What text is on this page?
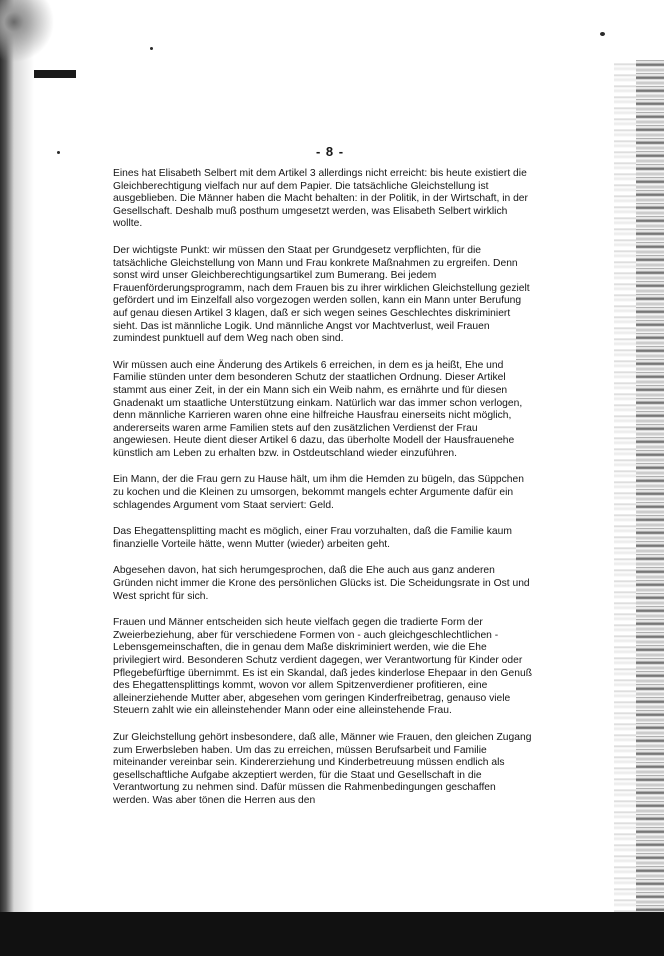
- 8 -

Eines hat Elisabeth Selbert mit dem Artikel 3 allerdings nicht erreicht: bis heute existiert die Gleichberechtigung vielfach nur auf dem Papier. Die tatsächliche Gleichstellung ist ausgeblieben. Die Männer haben die Macht behalten: in der Politik, in der Wirtschaft, in der Gesellschaft. Deshalb muß posthum umgesetzt werden, was Elisabeth Selbert wirklich wollte.

Der wichtigste Punkt: wir müssen den Staat per Grundgesetz verpflichten, für die tatsächliche Gleichstellung von Mann und Frau konkrete Maßnahmen zu ergreifen. Denn sonst wird unser Gleichberechtigungsartikel zum Bumerang. Bei jedem Frauenförderungsprogramm, nach dem Frauen bis zu ihrer wirklichen Gleichstellung gezielt gefördert und im Einzelfall also vorgezogen werden sollen, kann ein Mann unter Berufung auf genau diesen Artikel 3 klagen, daß er sich wegen seines Geschlechtes diskriminiert sieht. Das ist männliche Logik. Und männliche Angst vor Machtverlust, weil Frauen zumindest punktuell auf dem Weg nach oben sind.

Wir müssen auch eine Änderung des Artikels 6 erreichen, in dem es ja heißt, Ehe und Familie stünden unter dem besonderen Schutz der staatlichen Ordnung. Dieser Artikel stammt aus einer Zeit, in der ein Mann sich ein Weib nahm, es ernährte und für diesen Gnadenakt um staatliche Unterstützung einkam. Natürlich war das immer schon verlogen, denn männliche Karrieren waren ohne eine hilfreiche Hausfrau einerseits nicht möglich, andererseits waren arme Familien stets auf den zusätzlichen Verdienst der Frau angewiesen. Heute dient dieser Artikel 6 dazu, das überholte Modell der Hausfrauenehe künstlich am Leben zu erhalten bzw. in Ostdeutschland wieder einzuführen.

Ein Mann, der die Frau gern zu Hause hält, um ihm die Hemden zu bügeln, das Süppchen zu kochen und die Kleinen zu umsorgen, bekommt mangels echter Argumente dafür ein schlagendes Argument vom Staat serviert: Geld.

Das Ehegattensplitting macht es möglich, einer Frau vorzuhalten, daß die Familie kaum finanzielle Vorteile hätte, wenn Mutter (wieder) arbeiten geht.

Abgesehen davon, hat sich herumgesprochen, daß die Ehe auch aus ganz anderen Gründen nicht immer die Krone des persönlichen Glücks ist. Die Scheidungsrate in Ost und West spricht für sich.

Frauen und Männer entscheiden sich heute vielfach gegen die tradierte Form der Zweierbeziehung, aber für verschiedene Formen von - auch gleichgeschlechtlichen - Lebensgemeinschaften, die in genau dem Maße diskriminiert werden, wie die Ehe privilegiert wird. Besonderen Schutz verdient dagegen, wer Verantwortung für Kinder oder Pflegebefürftige übernimmt. Es ist ein Skandal, daß jedes kinderlose Ehepaar in den Genuß des Ehegattensplittings kommt, wovon vor allem Spitzenverdiener profitieren, eine alleinerziehende Mutter aber, abgesehen vom geringen Kinderfreibetrag, genauso viele Steuern zahlt wie ein alleinstehender Mann oder eine alleinstehende Frau.

Zur Gleichstellung gehört insbesondere, daß alle, Männer wie Frauen, den gleichen Zugang zum Erwerbsleben haben. Um das zu erreichen, müssen Berufsarbeit und Familie miteinander vereinbar sein. Kindererziehung und Kinderbetreuung müssen endlich als gesellschaftliche Aufgabe akzeptiert werden, für die Staat und Gesellschaft in die Verantwortung zu nehmen sind. Dafür müssen die Rahmenbedingungen geschaffen werden. Was aber tönen die Herren aus den
